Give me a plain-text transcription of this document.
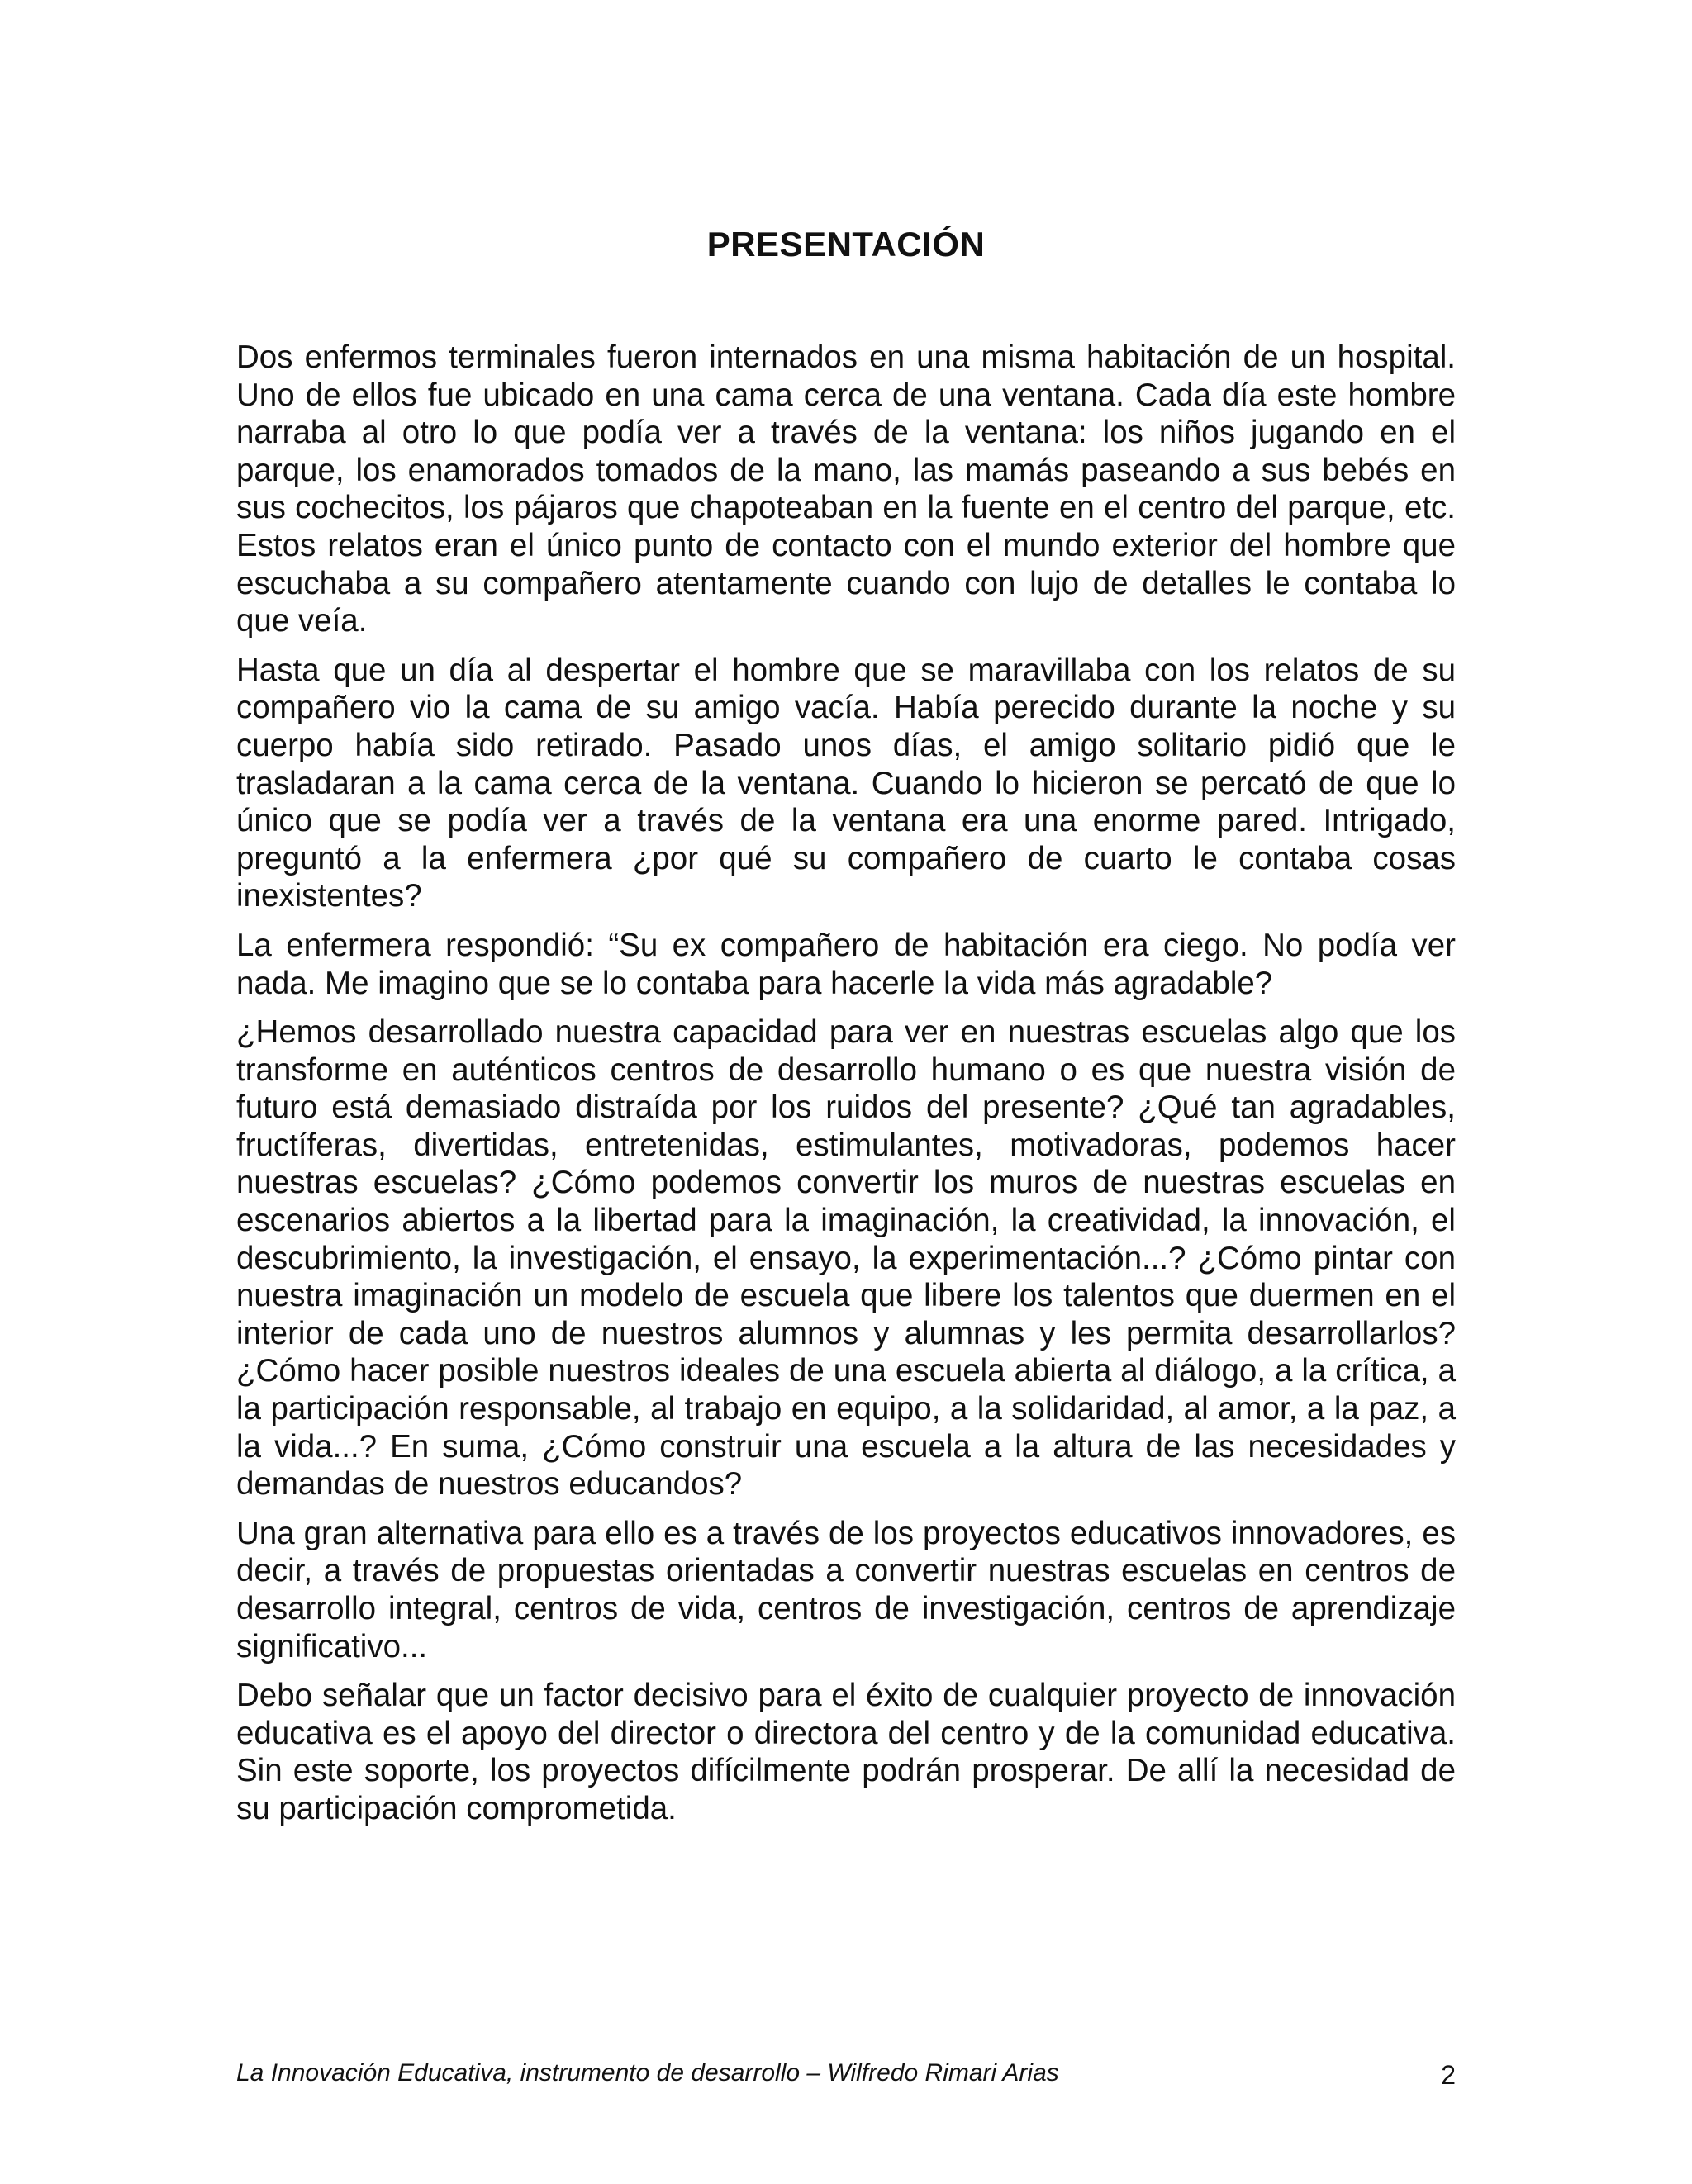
PRESENTACIÓN

Dos enfermos terminales fueron internados en una misma habitación de un hospital. Uno de ellos fue ubicado en una cama cerca de una ventana. Cada día este hombre narraba al otro lo que podía ver a través de la ventana: los niños jugando en el parque, los enamorados tomados de la mano, las mamás paseando a sus bebés en sus cochecitos, los pájaros que chapoteaban en la fuente en el centro del parque, etc. Estos relatos eran el único punto de contacto con el mundo exterior del hombre que escuchaba a su compañero atentamente cuando con lujo de detalles le contaba lo que veía.

Hasta que un día al despertar el hombre que se maravillaba con los relatos de su compañero vio la cama de su amigo vacía. Había perecido durante la noche y su cuerpo había sido retirado. Pasado unos días, el amigo solitario pidió que le trasladaran a la cama cerca de la ventana. Cuando lo hicieron se percató de que lo único que se podía ver a través de la ventana era una enorme pared. Intrigado, preguntó a la enfermera ¿por qué su compañero de cuarto le contaba cosas inexistentes?

La enfermera respondió: “Su ex compañero de habitación era ciego. No podía ver nada. Me imagino que se lo contaba para hacerle la vida más agradable?

¿Hemos desarrollado nuestra capacidad para ver en nuestras escuelas algo que los transforme en auténticos centros de desarrollo humano o es que nuestra visión de futuro está demasiado distraída por los ruidos del presente? ¿Qué tan agradables, fructíferas, divertidas, entretenidas, estimulantes, motivadoras, podemos hacer nuestras escuelas? ¿Cómo podemos convertir los muros de nuestras escuelas en escenarios abiertos a la libertad para la imaginación, la creatividad, la innovación, el descubrimiento, la investigación, el ensayo, la experimentación...? ¿Cómo pintar con nuestra imaginación un modelo de escuela que libere los talentos que duermen en el interior de cada uno de nuestros alumnos y alumnas y les permita desarrollarlos? ¿Cómo hacer posible nuestros ideales de una escuela abierta al diálogo, a la crítica, a la participación responsable, al trabajo en equipo, a la solidaridad, al amor, a la paz, a la vida...? En suma, ¿Cómo construir una escuela a la altura de las necesidades y demandas de nuestros educandos?

Una gran alternativa para ello es a través de los proyectos educativos innovadores, es decir, a través de propuestas orientadas a convertir nuestras escuelas en centros de desarrollo integral, centros de vida, centros de investigación, centros de aprendizaje significativo...

Debo señalar que un factor decisivo para el éxito de cualquier proyecto de innovación educativa es el apoyo del director o directora del centro y de la comunidad educativa. Sin este soporte, los proyectos difícilmente podrán prosperar. De allí la necesidad de su participación comprometida.

La Innovación Educativa, instrumento de desarrollo – Wilfredo Rimari Arias	2
